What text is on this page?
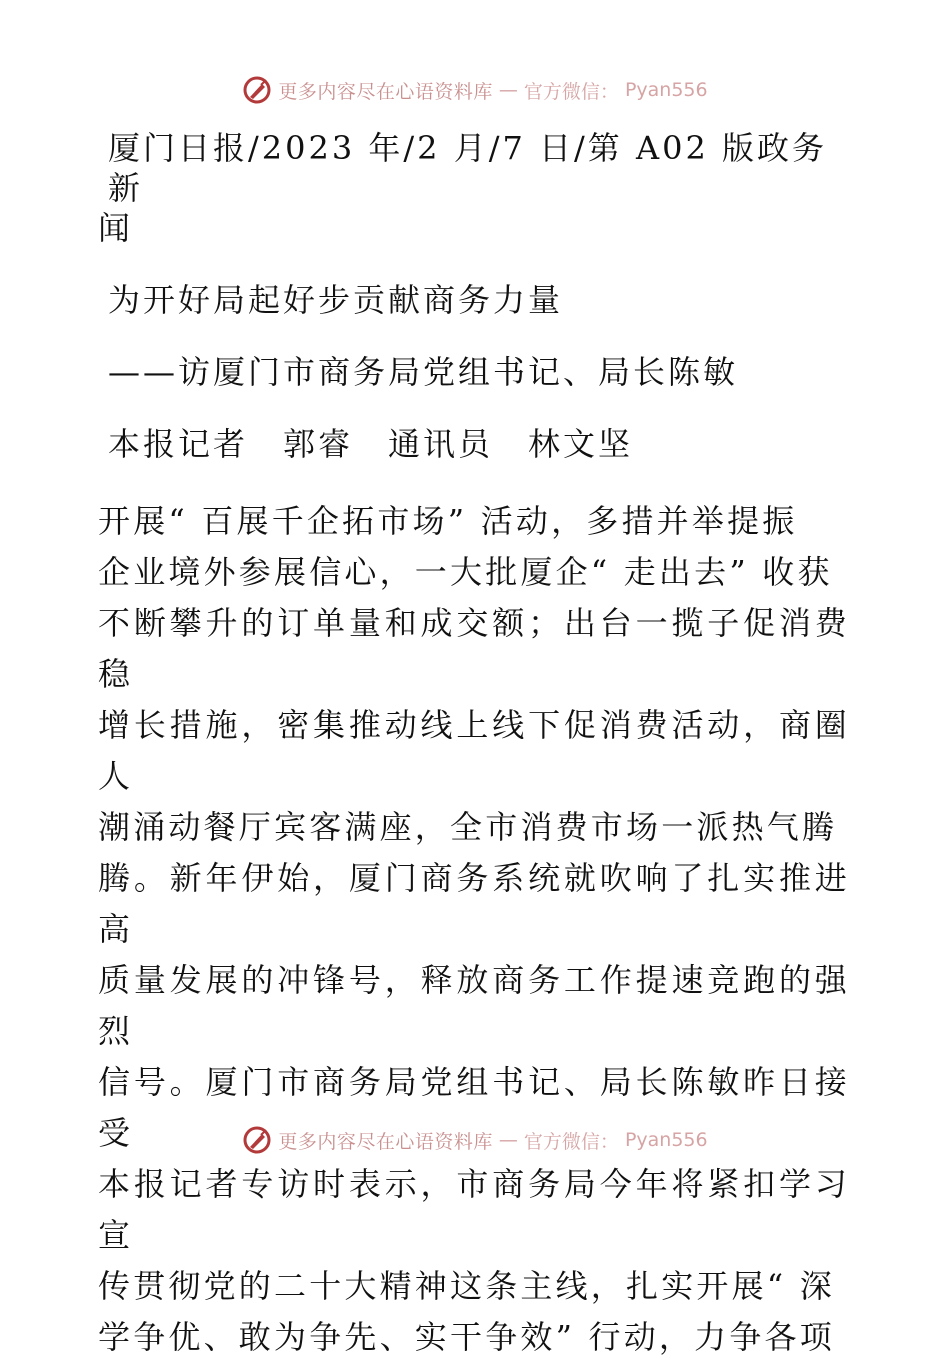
更多内容尽在心语资料库 — 官方微信： Pyan556

厦门日报/2023 年/2 月/7 日/第 A02 版政务新

闻

为开好局起好步贡献商务力量

——访厦门市商务局党组书记、局长陈敏

本报记者　郭睿　通讯员　林文坚

开展“ 百展千企拓市场” 活动，多措并举提振

企业境外参展信心，一大批厦企“ 走出去” 收获

不断攀升的订单量和成交额；出台一揽子促消费稳

增长措施，密集推动线上线下促消费活动，商圈人

潮涌动餐厅宾客满座，全市消费市场一派热气腾

腾。新年伊始，厦门商务系统就吹响了扎实推进高

质量发展的冲锋号，释放商务工作提速竞跑的强烈

信号。厦门市商务局党组书记、局长陈敏昨日接受

本报记者专访时表示，市商务局今年将紧扣学习宣

传贯彻党的二十大精神这条主线，扎实开展“ 深

学争优、敢为争先、实干争效” 行动，力争各项

更多内容尽在心语资料库 — 官方微信： Pyan556
